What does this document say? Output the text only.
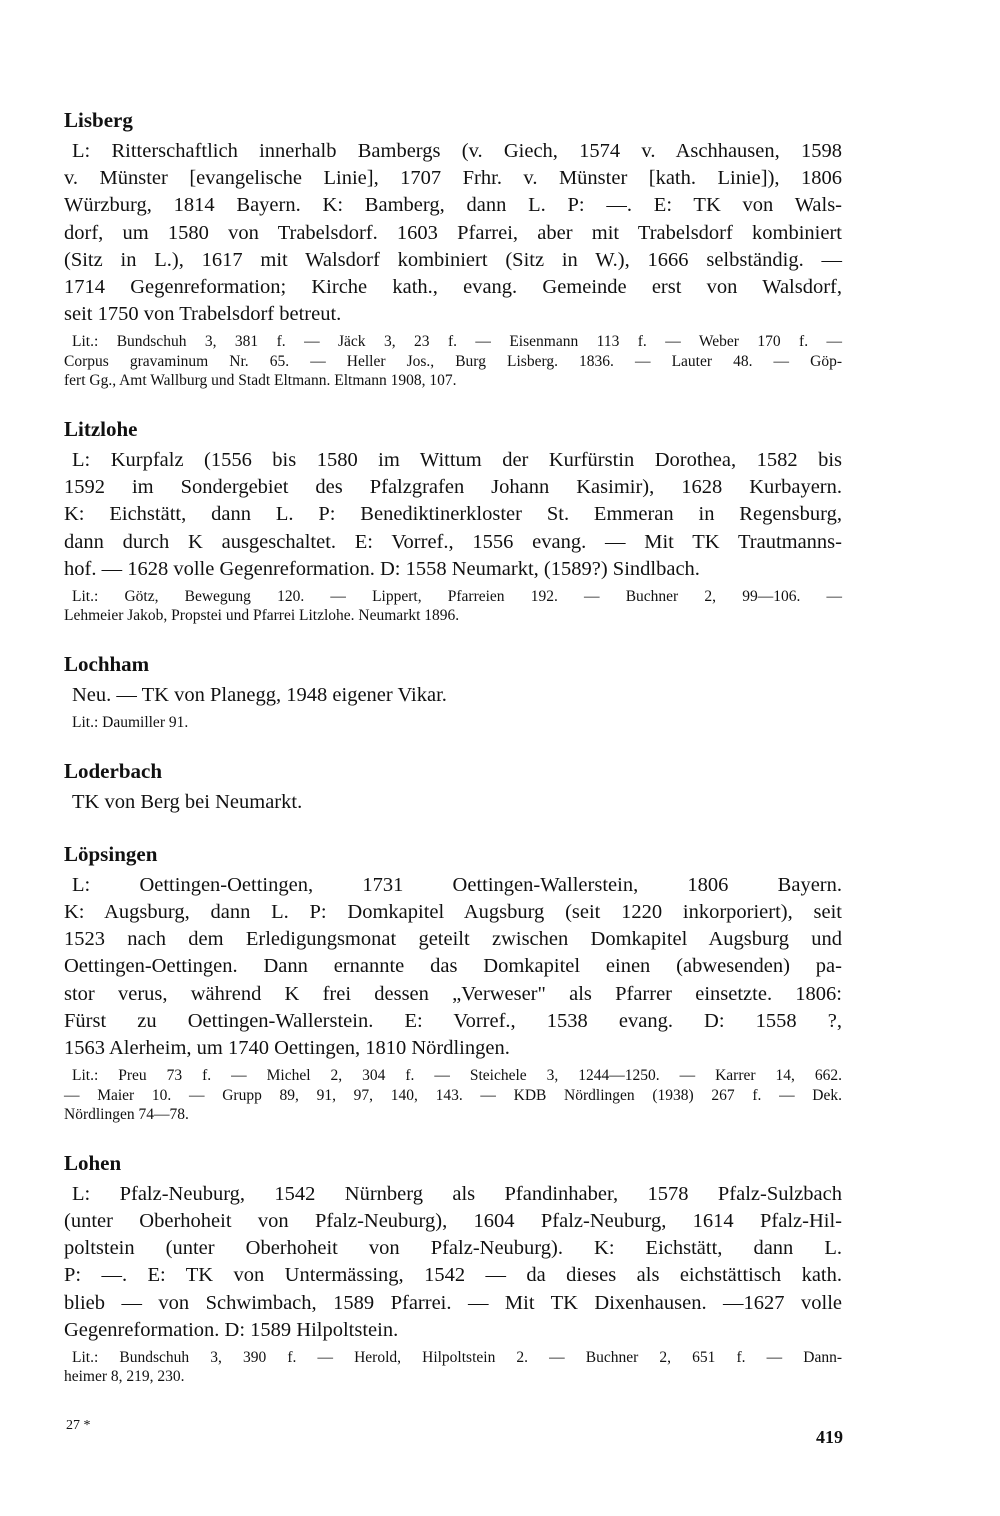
Lisberg
L: Ritterschaftlich innerhalb Bambergs (v. Giech, 1574 v. Aschhausen, 1598
v. Münster [evangelische Linie], 1707 Frhr. v. Münster [kath. Linie]), 1806
Würzburg, 1814 Bayern. K: Bamberg, dann L. P: —. E: TK von Wals-
dorf, um 1580 von Trabelsdorf. 1603 Pfarrei, aber mit Trabelsdorf kombiniert
(Sitz in L.), 1617 mit Walsdorf kombiniert (Sitz in W.), 1666 selbständig. —
1714 Gegenreformation; Kirche kath., evang. Gemeinde erst von Walsdorf,
seit 1750 von Trabelsdorf betreut.
Lit.: Bundschuh 3, 381 f. — Jäck 3, 23 f. — Eisenmann 113 f. — Weber 170 f. —
Corpus gravaminum Nr. 65. — Heller Jos., Burg Lisberg. 1836. — Lauter 48. — Göp-
fert Gg., Amt Wallburg und Stadt Eltmann. Eltmann 1908, 107.
Litzlohe
L: Kurpfalz (1556 bis 1580 im Wittum der Kurfürstin Dorothea, 1582 bis
1592 im Sondergebiet des Pfalzgrafen Johann Kasimir), 1628 Kurbayern.
K: Eichstätt, dann L. P: Benediktinerkloster St. Emmeran in Regensburg,
dann durch K ausgeschaltet. E: Vorref., 1556 evang. — Mit TK Trautmanns-
hof. — 1628 volle Gegenreformation. D: 1558 Neumarkt, (1589?) Sindlbach.
Lit.: Götz, Bewegung 120. — Lippert, Pfarreien 192. — Buchner 2, 99—106. —
Lehmeier Jakob, Propstei und Pfarrei Litzlohe. Neumarkt 1896.
Lochham
Neu. — TK von Planegg, 1948 eigener Vikar.
Lit.: Daumiller 91.
Loderbach
TK von Berg bei Neumarkt.
Löpsingen
L: Oettingen-Oettingen, 1731 Oettingen-Wallerstein, 1806 Bayern.
K: Augsburg, dann L. P: Domkapitel Augsburg (seit 1220 inkorporiert), seit
1523 nach dem Erledigungsmonat geteilt zwischen Domkapitel Augsburg und
Oettingen-Oettingen. Dann ernannte das Domkapitel einen (abwesenden) pa-
stor verus, während K frei dessen „Verweser" als Pfarrer einsetzte. 1806:
Fürst zu Oettingen-Wallerstein. E: Vorref., 1538 evang. D: 1558 ?,
1563 Alerheim, um 1740 Oettingen, 1810 Nördlingen.
Lit.: Preu 73 f. — Michel 2, 304 f. — Steichele 3, 1244—1250. — Karrer 14, 662.
— Maier 10. — Grupp 89, 91, 97, 140, 143. — KDB Nördlingen (1938) 267 f. — Dek.
Nördlingen 74—78.
Lohen
L: Pfalz-Neuburg, 1542 Nürnberg als Pfandinhaber, 1578 Pfalz-Sulzbach
(unter Oberhoheit von Pfalz-Neuburg), 1604 Pfalz-Neuburg, 1614 Pfalz-Hil-
poltstein (unter Oberhoheit von Pfalz-Neuburg). K: Eichstätt, dann L.
P: —. E: TK von Untermässing, 1542 — da dieses als eichstättisch kath.
blieb — von Schwimbach, 1589 Pfarrei. — Mit TK Dixenhausen. —1627 volle
Gegenreformation. D: 1589 Hilpoltstein.
Lit.: Bundschuh 3, 390 f. — Herold, Hilpoltstein 2. — Buchner 2, 651 f. — Dann-
heimer 8, 219, 230.
27 *
419
